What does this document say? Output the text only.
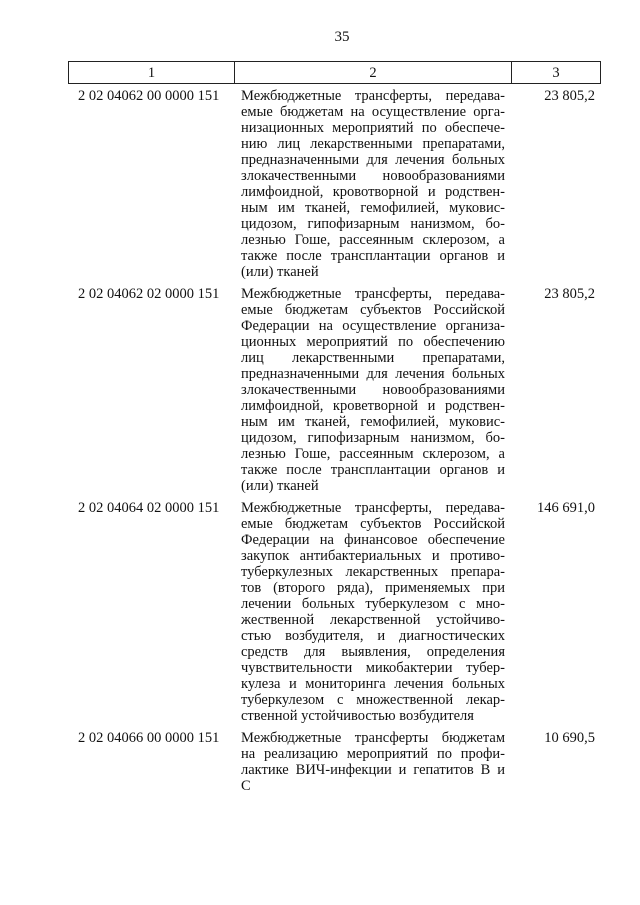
35
1	2	3
2 02 04062 00 0000 151	Межбюджетные трансферты, передава-
емые бюджетам на осуществление орга-
низационных мероприятий по обеспече-
нию лиц лекарственными препаратами,
предназначенными для лечения больных
злокачественными новообразованиями
лимфоидной, кровотворной и родствен-
ным им тканей, гемофилией, муковис-
цидозом, гипофизарным нанизмом, бо-
лезнью Гоше, рассеянным склерозом, а
также после трансплантации органов и
(или) тканей
23 805,2
2 02 04062 02 0000 151	Межбюджетные трансферты, передава-
емые бюджетам субъектов Российской
Федерации на осуществление организа-
ционных мероприятий по обеспечению
лиц лекарственными препаратами,
предназначенными для лечения больных
злокачественными новообразованиями
лимфоидной, кроветворной и родствен-
ным им тканей, гемофилией, муковис-
цидозом, гипофизарным нанизмом, бо-
лезнью Гоше, рассеянным склерозом, а
также после трансплантации органов и
(или) тканей
23 805,2
2 02 04064 02 0000 151	Межбюджетные трансферты, передава-
емые бюджетам субъектов Российской
Федерации на финансовое обеспечение
закупок антибактериальных и противо-
туберкулезных лекарственных препара-
тов (второго ряда), применяемых при
лечении больных туберкулезом с мно-
жественной лекарственной устойчиво-
стью возбудителя, и диагностических
средств для выявления, определения
чувствительности микобактерии тубер-
кулеза и мониторинга лечения больных
туберкулезом с множественной лекар-
ственной устойчивостью возбудителя
146 691,0
2 02 04066 00 0000 151	Межбюджетные трансферты бюджетам
на реализацию мероприятий по профи-
лактике ВИЧ-инфекции и гепатитов В и
С
10 690,5
